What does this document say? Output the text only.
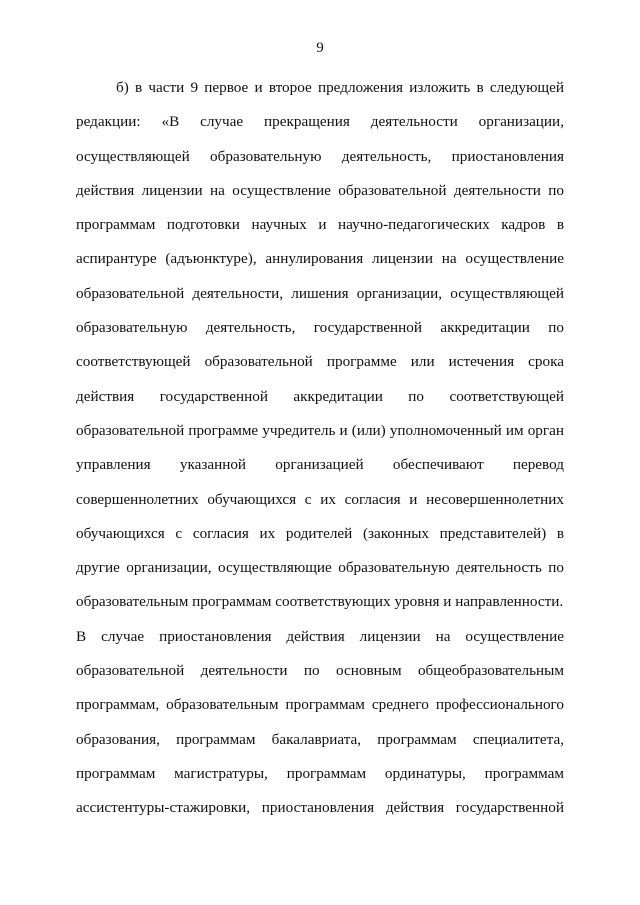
9
б) в части 9 первое и второе предложения изложить в следующей
редакции: «В случае прекращения деятельности организации,
осуществляющей образовательную деятельность, приостановления
действия лицензии на осуществление образовательной деятельности по
программам подготовки научных и научно-педагогических кадров в
аспирантуре (адъюнктуре), аннулирования лицензии на осуществление
образовательной деятельности, лишения организации, осуществляющей
образовательную деятельность, государственной аккредитации по
соответствующей образовательной программе или истечения срока
действия государственной аккредитации по соответствующей
образовательной программе учредитель и (или) уполномоченный им орган
управления указанной организацией обеспечивают перевод
совершеннолетних обучающихся с их согласия и несовершеннолетних
обучающихся с согласия их родителей (законных представителей) в
другие организации, осуществляющие образовательную деятельность по
образовательным программам соответствующих уровня и направленности.
В случае приостановления действия лицензии на осуществление
образовательной деятельности по основным общеобразовательным
программам, образовательным программам среднего профессионального
образования, программам бакалавриата, программам специалитета,
программам магистратуры, программам ординатуры, программам
ассистентуры-стажировки, приостановления действия государственной
